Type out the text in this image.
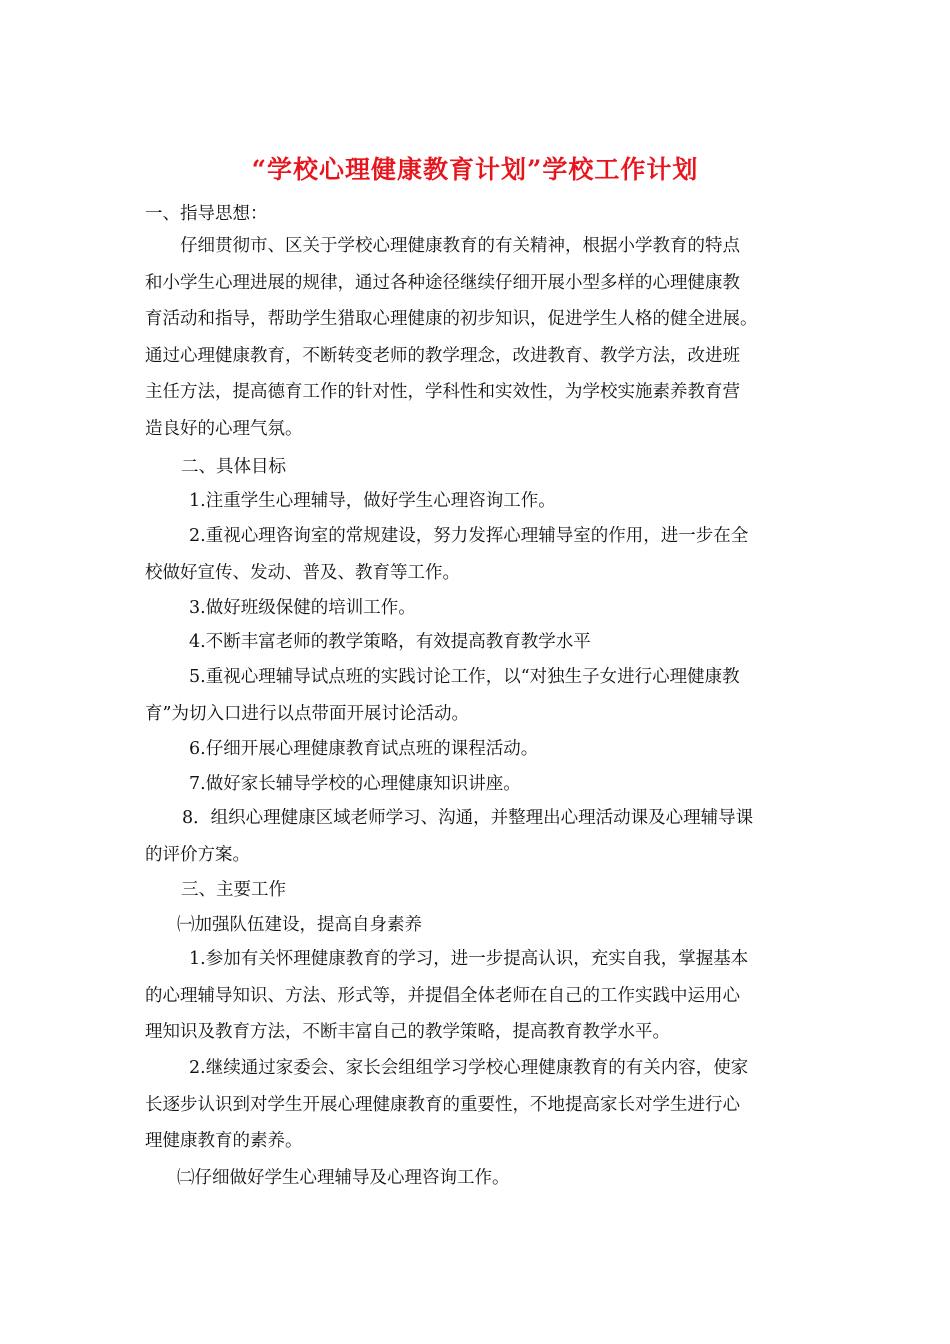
“学校心理健康教育计划”学校工作计划

一、指导思想：

仔细贯彻市、区关于学校心理健康教育的有关精神，根据小学教育的特点
和小学生心理进展的规律，通过各种途径继续仔细开展小型多样的心理健康教
育活动和指导，帮助学生猎取心理健康的初步知识，促进学生人格的健全进展。
通过心理健康教育，不断转变老师的教学理念，改进教育、教学方法，改进班
主任方法，提高德育工作的针对性，学科性和实效性，为学校实施素养教育营
造良好的心理气氛。

二、具体目标

1.注重学生心理辅导，做好学生心理咨询工作。

2.重视心理咨询室的常规建设，努力发挥心理辅导室的作用，进一步在全
校做好宣传、发动、普及、教育等工作。

3.做好班级保健的培训工作。

4.不断丰富老师的教学策略，有效提高教育教学水平

5.重视心理辅导试点班的实践讨论工作，以“对独生子女进行心理健康教
育”为切入口进行以点带面开展讨论活动。

6.仔细开展心理健康教育试点班的课程活动。

7.做好家长辅导学校的心理健康知识讲座。

8．组织心理健康区域老师学习、沟通，并整理出心理活动课及心理辅导课
的评价方案。

三、主要工作

㈠加强队伍建设，提高自身素养

1.参加有关怀理健康教育的学习，进一步提高认识，充实自我，掌握基本
的心理辅导知识、方法、形式等，并提倡全体老师在自己的工作实践中运用心
理知识及教育方法，不断丰富自己的教学策略，提高教育教学水平。

2.继续通过家委会、家长会组组学习学校心理健康教育的有关内容，使家
长逐步认识到对学生开展心理健康教育的重要性，不地提高家长对学生进行心
理健康教育的素养。

㈡仔细做好学生心理辅导及心理咨询工作。
